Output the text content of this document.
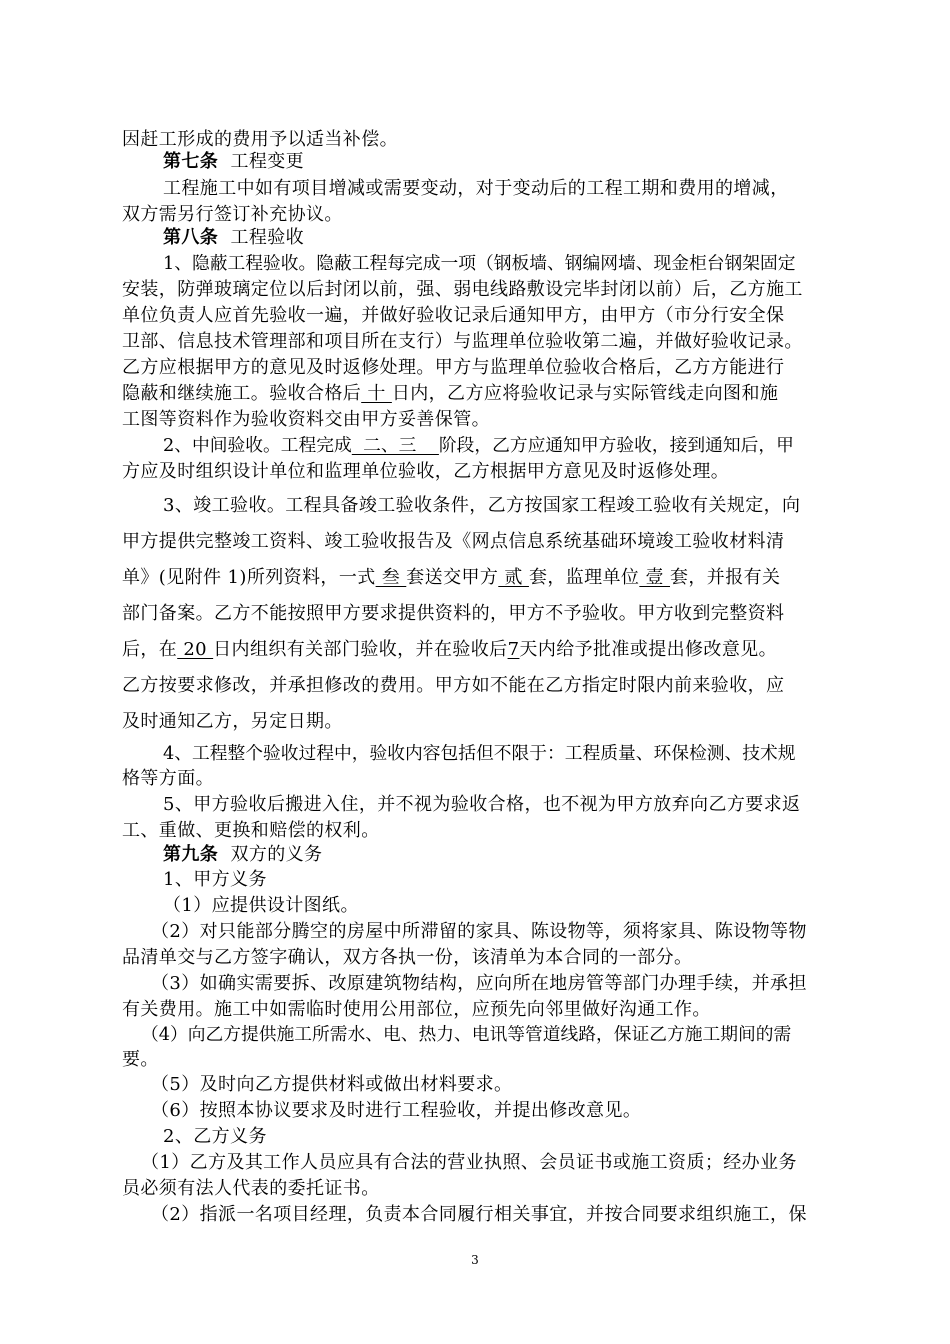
因赶工形成的费用予以适当补偿。
第七条  工程变更
工程施工中如有项目增减或需要变动，对于变动后的工程工期和费用的增减，
双方需另行签订补充协议。
第八条  工程验收
1、隐蔽工程验收。隐蔽工程每完成一项（钢板墙、钢编网墙、现金柜台钢架固定
安装，防弹玻璃定位以后封闭以前，强、弱电线路敷设完毕封闭以前）后，乙方施工
单位负责人应首先验收一遍，并做好验收记录后通知甲方，由甲方（市分行安全保
卫部、信息技术管理部和项目所在支行）与监理单位验收第二遍，并做好验收记录。
乙方应根据甲方的意见及时返修处理。甲方与监理单位验收合格后，乙方方能进行
隐蔽和继续施工。验收合格后 十 日内，乙方应将验收记录与实际管线走向图和施
工图等资料作为验收资料交由甲方妥善保管。
2、中间验收。工程完成  二、三    阶段，乙方应通知甲方验收，接到通知后，甲
方应及时组织设计单位和监理单位验收，乙方根据甲方意见及时返修处理。
3、竣工验收。工程具备竣工验收条件，乙方按国家工程竣工验收有关规定，向
甲方提供完整竣工资料、竣工验收报告及《网点信息系统基础环境竣工验收材料清
单》(见附件 1)所列资料，一式 叁 套送交甲方 贰 套，监理单位 壹 套，并报有关
部门备案。乙方不能按照甲方要求提供资料的，甲方不予验收。甲方收到完整资料
后，在 20 日内组织有关部门验收，并在验收后7天内给予批准或提出修改意见。
乙方按要求修改，并承担修改的费用。甲方如不能在乙方指定时限内前来验收，应
及时通知乙方，另定日期。
4、工程整个验收过程中，验收内容包括但不限于：工程质量、环保检测、技术规
格等方面。
5、甲方验收后搬进入住，并不视为验收合格，也不视为甲方放弃向乙方要求返
工、重做、更换和赔偿的权利。
第九条  双方的义务
1、甲方义务
（1）应提供设计图纸。
（2）对只能部分腾空的房屋中所滞留的家具、陈设物等，须将家具、陈设物等物
品清单交与乙方签字确认，双方各执一份，该清单为本合同的一部分。
（3）如确实需要拆、改原建筑物结构，应向所在地房管等部门办理手续，并承担
有关费用。施工中如需临时使用公用部位，应预先向邻里做好沟通工作。
（4）向乙方提供施工所需水、电、热力、电讯等管道线路，保证乙方施工期间的需
要。
（5）及时向乙方提供材料或做出材料要求。
（6）按照本协议要求及时进行工程验收，并提出修改意见。
2、乙方义务
（1）乙方及其工作人员应具有合法的营业执照、会员证书或施工资质；经办业务
员必须有法人代表的委托证书。
（2）指派一名项目经理，负责本合同履行相关事宜，并按合同要求组织施工，保
3
